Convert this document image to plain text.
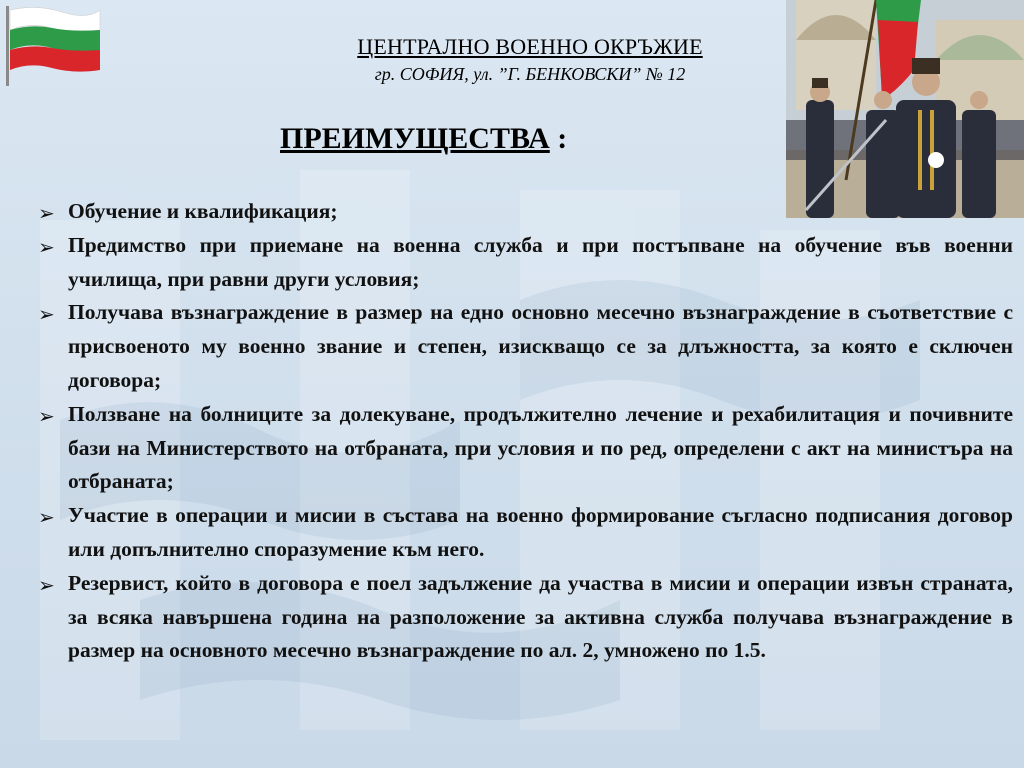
ЦЕНТРАЛНО ВОЕННО ОКРЪЖИЕ
гр. СОФИЯ, ул. ”Г. БЕНКОВСКИ” № 12
ПРЕИМУЩЕСТВА :
➢ Обучение и квалификация;
➢ Предимство при приемане на военна служба и при постъпване на обучение във военни училища, при равни други условия;
➢ Получава възнаграждение в размер на едно основно месечно възнаграждение в съответствие с присвоеното му военно звание и степен, изискващо се за длъжността, за която е сключен договора;
➢ Ползване на болниците за долекуване, продължително лечение и рехабилитация и почивните бази на Министерството на отбраната, при условия и по ред, определени с акт на министъра на отбраната;
➢ Участие в операции и мисии в състава на военно формирование съгласно подписания договор или допълнително споразумение към него.
➢ Резервист, който в договора е поел задължение да участва в мисии и операции извън страната, за всяка навършена година на разположение за активна служба получава възнаграждение в размер на основното месечно възнаграждение по ал. 2, умножено по 1.5.
